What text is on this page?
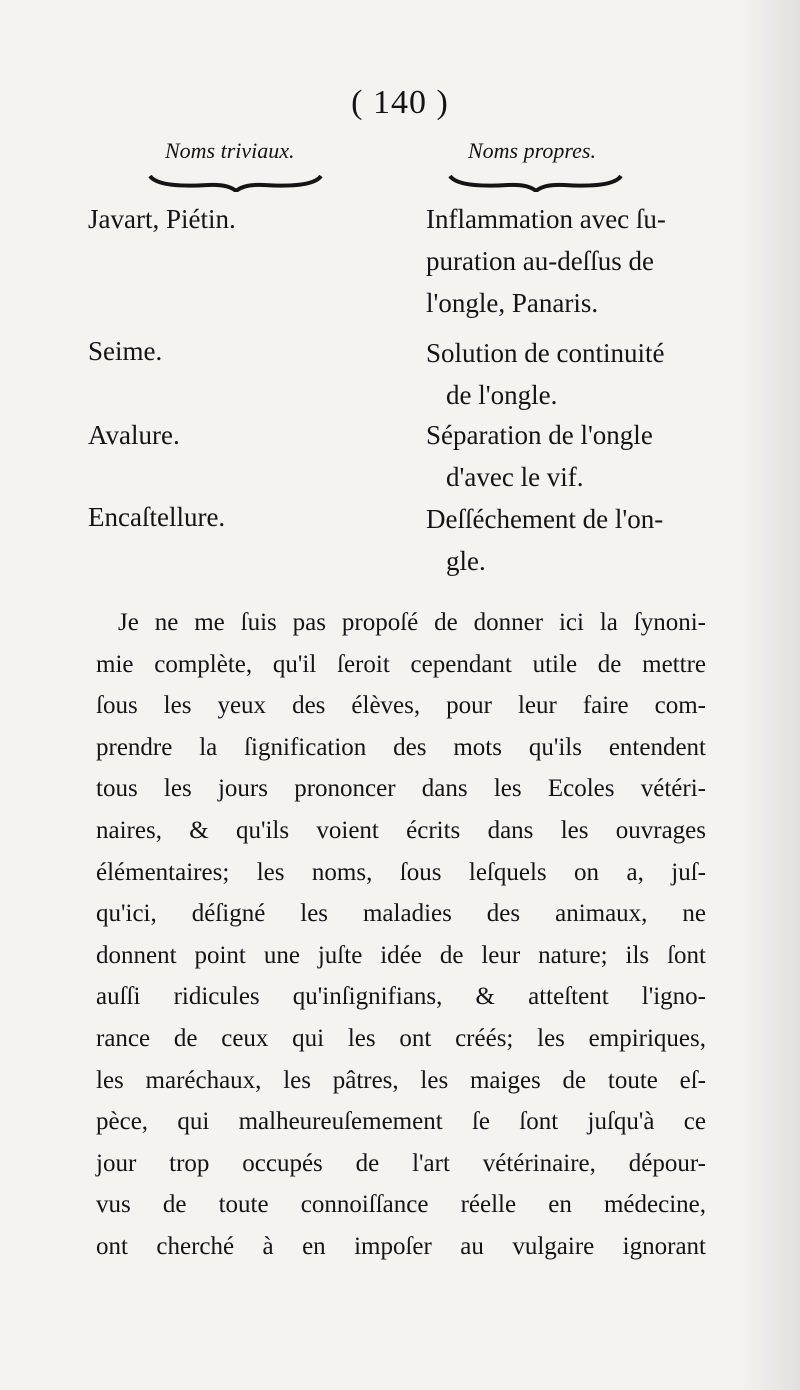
( 140 )
Noms triviaux.	Noms propres.
Javart, Piétin.	Inflammation avec ſu-
puration au-deſſus de
l'ongle, Panaris.
Seime.	Solution de continuité
de l'ongle.
Avalure.	Séparation de l'ongle
d'avec le vif.
Encaſtellure.	Deſſéchement de l'on-
gle.
Je ne me ſuis pas propoſé de donner ici la ſynoni-
mie complète, qu'il ſeroit cependant utile de mettre
ſous les yeux des élèves, pour leur faire com-
prendre la ſignification des mots qu'ils entendent
tous les jours prononcer dans les Ecoles vétéri-
naires, & qu'ils voient écrits dans les ouvrages
élémentaires; les noms, ſous leſquels on a, juſ-
qu'ici, déſigné les maladies des animaux, ne
donnent point une juſte idée de leur nature; ils ſont
auſſi ridicules qu'inſignifians, & atteſtent l'igno-
rance de ceux qui les ont créés; les empiriques,
les maréchaux, les pâtres, les maiges de toute eſ-
pèce, qui malheureuſemement ſe ſont juſqu'à ce
jour trop occupés de l'art vétérinaire, dépour-
vus de toute connoiſſance réelle en médecine,
ont cherché à en impoſer au vulgaire ignorant
